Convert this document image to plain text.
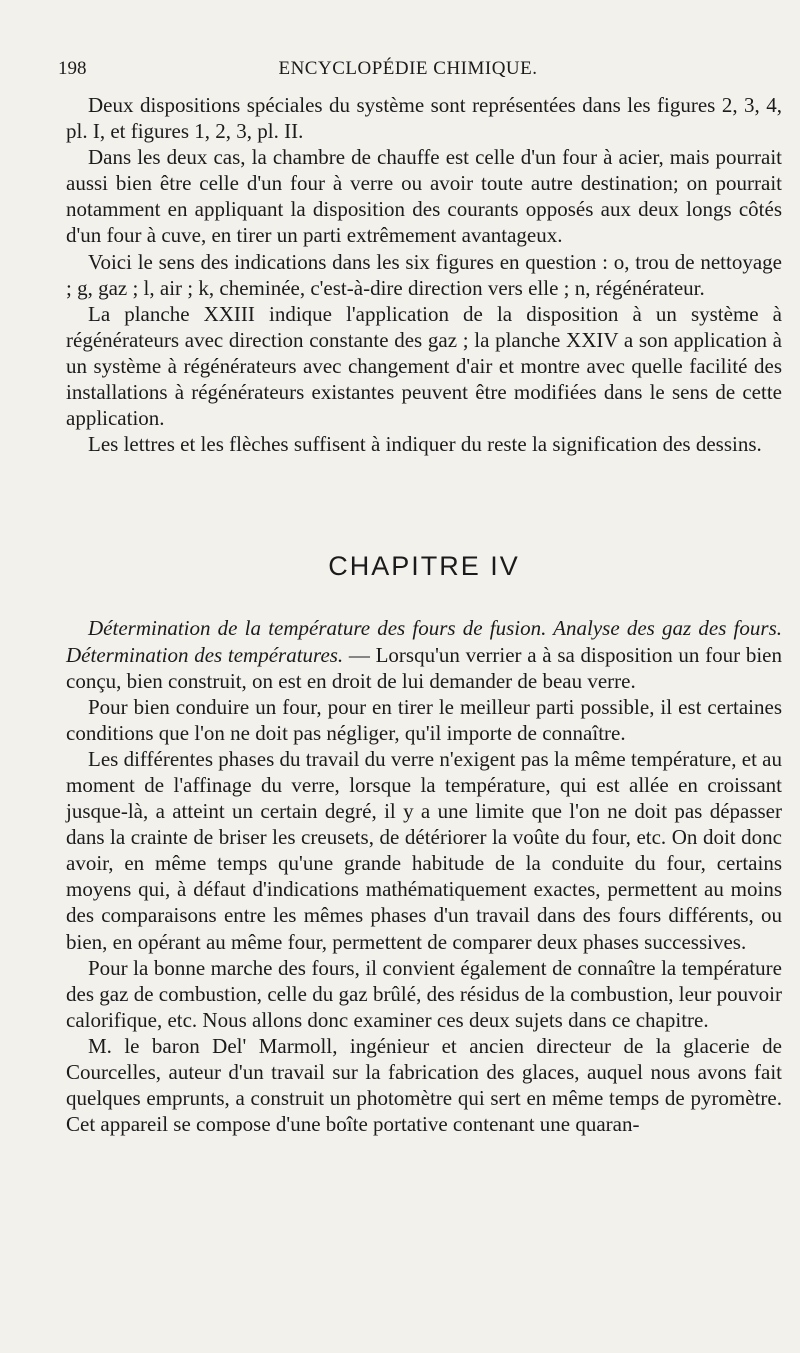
198	ENCYCLOPÉDIE CHIMIQUE.

Deux dispositions spéciales du système sont représentées dans les figures 2, 3, 4, pl. I, et figures 1, 2, 3, pl. II.

Dans les deux cas, la chambre de chauffe est celle d'un four à acier, mais pourrait aussi bien être celle d'un four à verre ou avoir toute autre destination; on pourrait notamment en appliquant la disposition des courants opposés aux deux longs côtés d'un four à cuve, en tirer un parti extrêmement avantageux.

Voici le sens des indications dans les six figures en question : o, trou de nettoyage ; g, gaz ; l, air ; k, cheminée, c'est-à-dire direction vers elle ; n, régénérateur.

La planche XXIII indique l'application de la disposition à un système à régénérateurs avec direction constante des gaz ; la planche XXIV a son application à un système à régénérateurs avec changement d'air et montre avec quelle facilité des installations à régénérateurs existantes peuvent être modifiées dans le sens de cette application.

Les lettres et les flèches suffisent à indiquer du reste la signification des dessins.

CHAPITRE IV

Détermination de la température des fours de fusion. Analyse des gaz des fours. Détermination des températures. — Lorsqu'un verrier a à sa disposition un four bien conçu, bien construit, on est en droit de lui demander de beau verre.

Pour bien conduire un four, pour en tirer le meilleur parti possible, il est certaines conditions que l'on ne doit pas négliger, qu'il importe de connaître.

Les différentes phases du travail du verre n'exigent pas la même température, et au moment de l'affinage du verre, lorsque la température, qui est allée en croissant jusque-là, a atteint un certain degré, il y a une limite que l'on ne doit pas dépasser dans la crainte de briser les creusets, de détériorer la voûte du four, etc. On doit donc avoir, en même temps qu'une grande habitude de la conduite du four, certains moyens qui, à défaut d'indications mathématiquement exactes, permettent au moins des comparaisons entre les mêmes phases d'un travail dans des fours différents, ou bien, en opérant au même four, permettent de comparer deux phases successives.

Pour la bonne marche des fours, il convient également de connaître la température des gaz de combustion, celle du gaz brûlé, des résidus de la combustion, leur pouvoir calorifique, etc. Nous allons donc examiner ces deux sujets dans ce chapitre.

M. le baron Del' Marmoll, ingénieur et ancien directeur de la glacerie de Courcelles, auteur d'un travail sur la fabrication des glaces, auquel nous avons fait quelques emprunts, a construit un photomètre qui sert en même temps de pyromètre. Cet appareil se compose d'une boîte portative contenant une quaran-
